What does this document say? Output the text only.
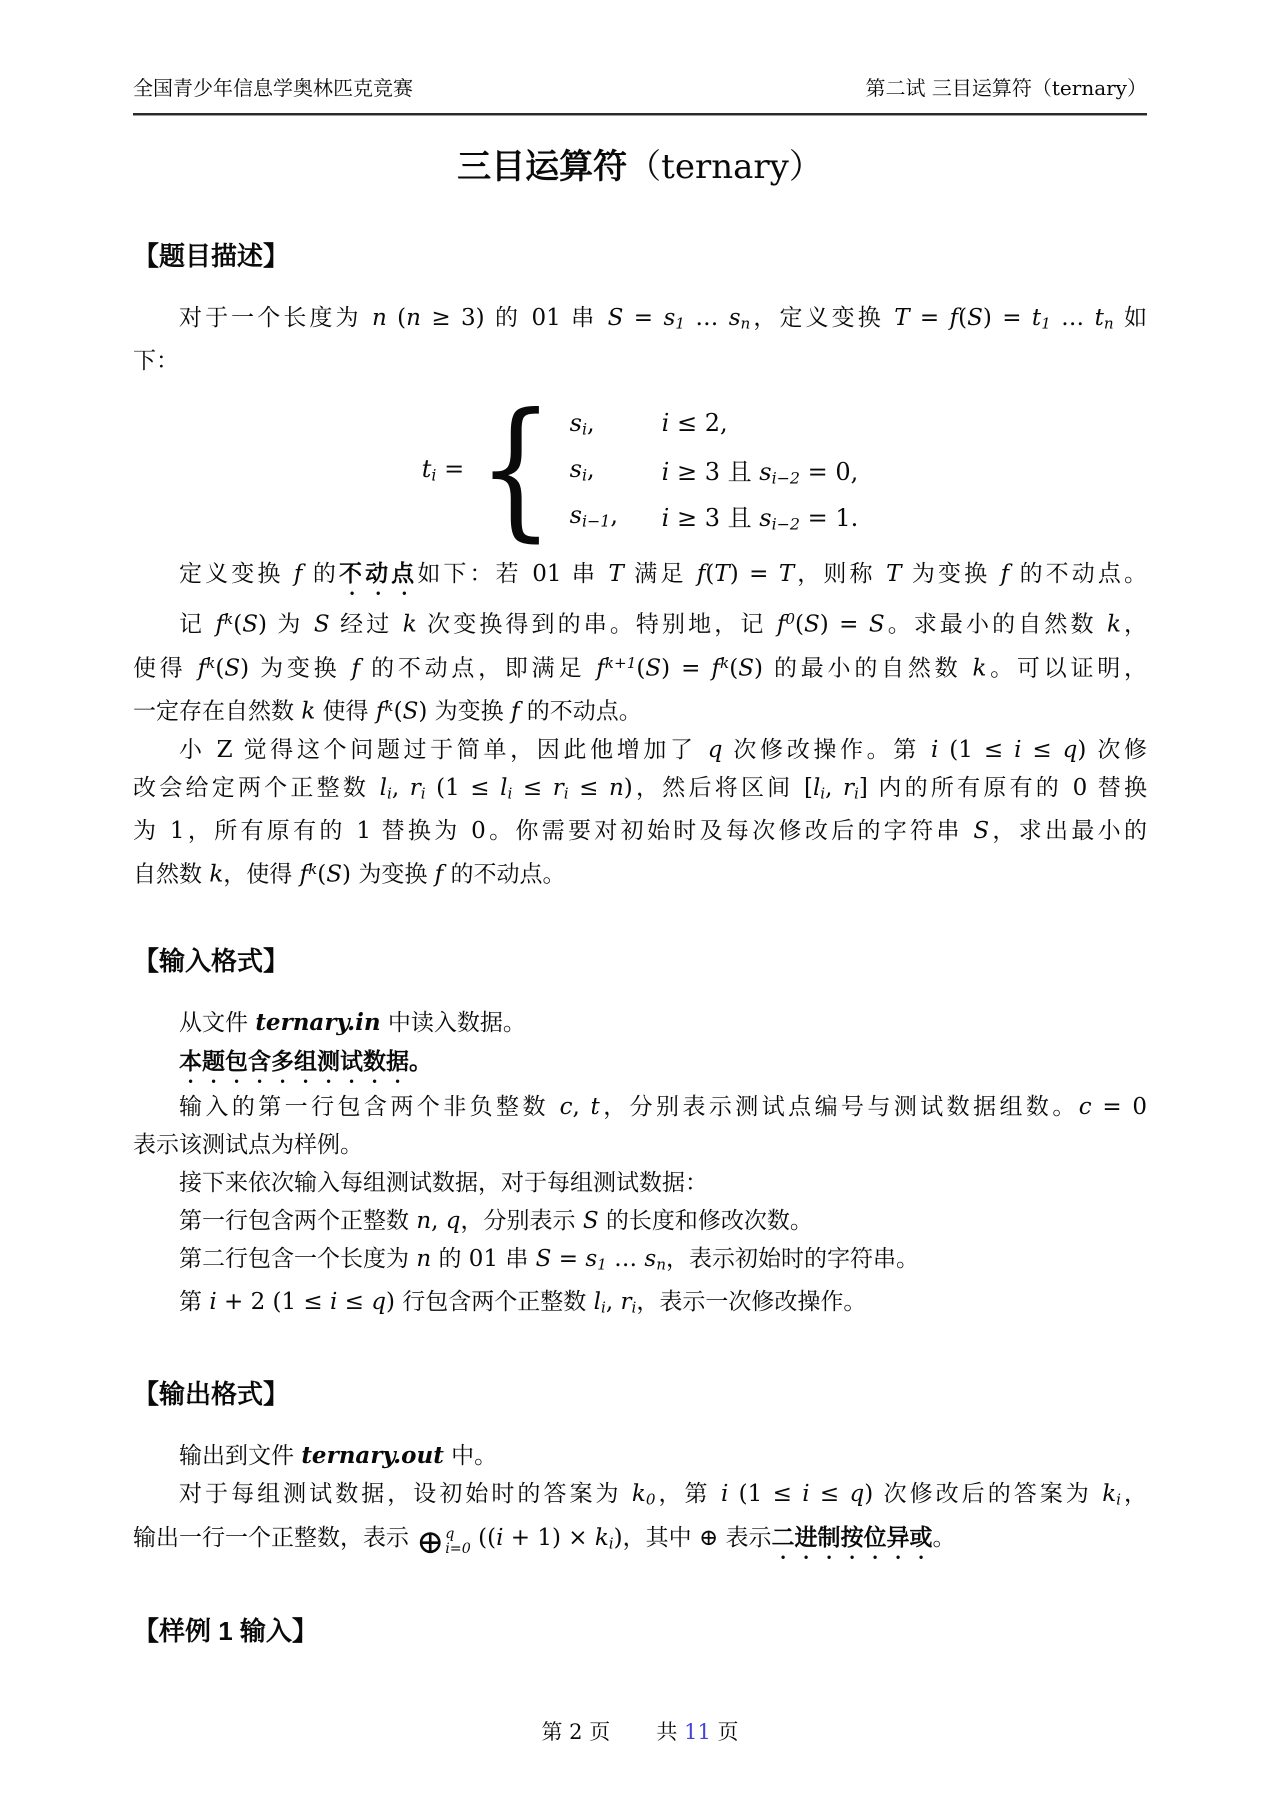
全国青少年信息学奥林匹克竞赛	第二试 三目运算符（ternary）
三目运算符（ternary）
【题目描述】
对于一个长度为 n (n ≥ 3) 的 01 串 S = s1 … sn，定义变换 T = f(S) = t1 … tn 如
下：
ti = { si,	i ≤ 2,
si,	i ≥ 3 且 si−2 = 0,
si−1,	i ≥ 3 且 si−2 = 1.
定义变换 f 的不动点如下：若 01 串 T 满足 f(T) = T，则称 T 为变换 f 的不动点。
记 $f^k(S)$ 为 S 经过 k 次变换得到的串。特别地，记 $f^0(S) = S$。求最小的自然数 k，
使得 $f^k(S)$ 为变换 f 的不动点，即满足 $f^{k+1}(S) = f^k(S)$ 的最小的自然数 k。可以证明，
一定存在自然数 k 使得 $f^k(S)$ 为变换 f 的不动点。
小 Z 觉得这个问题过于简单，因此他增加了 q 次修改操作。第 i (1 ≤ i ≤ q) 次修
改会给定两个正整数 li, ri (1 ≤ li ≤ ri ≤ n)，然后将区间 [li, ri] 内的所有原有的 0 替换
为 1，所有原有的 1 替换为 0。你需要对初始时及每次修改后的字符串 S，求出最小的
自然数 k，使得 $f^k(S)$ 为变换 f 的不动点。
【输入格式】
从文件 ternary.in 中读入数据。
本题包含多组测试数据。
输入的第一行包含两个非负整数 c, t，分别表示测试点编号与测试数据组数。c = 0
表示该测试点为样例。
接下来依次输入每组测试数据，对于每组测试数据：
第一行包含两个正整数 n, q，分别表示 S 的长度和修改次数。
第二行包含一个长度为 n 的 01 串 S = s1 … sn，表示初始时的字符串。
第 i + 2 (1 ≤ i ≤ q) 行包含两个正整数 li, ri，表示一次修改操作。
【输出格式】
输出到文件 ternary.out 中。
对于每组测试数据，设初始时的答案为 k0，第 i (1 ≤ i ≤ q) 次修改后的答案为 ki，
输出一行一个正整数，表示 ⊕ q
i=0 ((i + 1) × ki)，其中 ⊕ 表示二进制按位异或。
【样例 1 输入】
第 2 页 共 11 页
